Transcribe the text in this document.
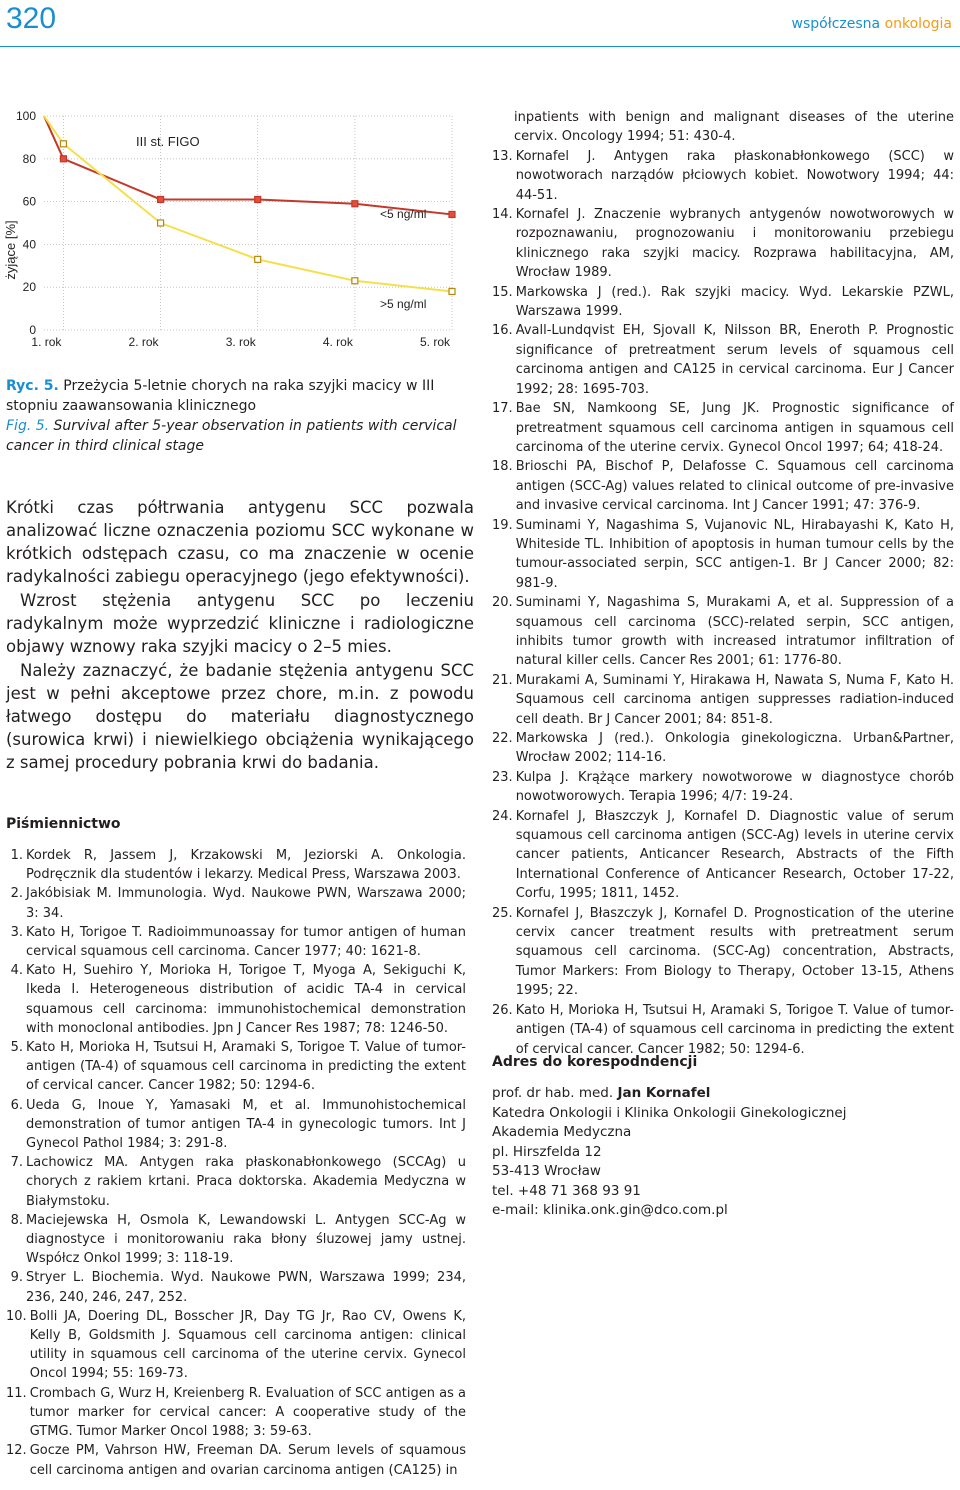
320	współczesna onkologia
100
80
60
40
20
0
1. rok	2. rok	3. rok	4. rok	5. rok
III st. FIGO
żyjące [%]
<5 ng/ml
>5 ng/ml
Ryc. 5. Przeżycia 5-letnie chorych na raka szyjki macicy w III stopniu zaawansowania klinicznego
Fig. 5. Survival after 5-year observation in patients with cervical cancer in third clinical stage

Krótki czas półtrwania antygenu SCC pozwala analizować liczne oznaczenia poziomu SCC wykonane w krótkich odstępach czasu, co ma znaczenie w ocenie radykalności zabiegu operacyjnego (jego efektywności).

Wzrost stężenia antygenu SCC po leczeniu radykalnym może wyprzedzić kliniczne i radiologiczne objawy wznowy raka szyjki macicy o 2–5 mies.

Należy zaznaczyć, że badanie stężenia antygenu SCC jest w pełni akceptowe przez chore, m.in. z powodu łatwego dostępu do materiału diagnostycznego (surowica krwi) i niewielkiego obciążenia wynikającego z samej procedury pobrania krwi do badania.

Piśmiennictwo
1. Kordek R, Jassem J, Krzakowski M, Jeziorski A. Onkologia. Podręcznik dla studentów i lekarzy. Medical Press, Warszawa 2003.
2. Jakóbisiak M. Immunologia. Wyd. Naukowe PWN, Warszawa 2000; 3: 34.
3. Kato H, Torigoe T. Radioimmunoassay for tumor antigen of human cervical squamous cell carcinoma. Cancer 1977; 40: 1621-8.
4. Kato H, Suehiro Y, Morioka H, Torigoe T, Myoga A, Sekiguchi K, Ikeda I. Heterogeneous distribution of acidic TA-4 in cervical squamous cell carcinoma: immunohistochemical demonstration with monoclonal antibodies. Jpn J Cancer Res 1987; 78: 1246-50.
5. Kato H, Morioka H, Tsutsui H, Aramaki S, Torigoe T. Value of tumor-antigen (TA-4) of squamous cell carcinoma in predicting the extent of cervical cancer. Cancer 1982; 50: 1294-6.
6. Ueda G, Inoue Y, Yamasaki M, et al. Immunohistochemical demonstration of tumor antigen TA-4 in gynecologic tumors. Int J Gynecol Pathol 1984; 3: 291-8.
7. Lachowicz MA. Antygen raka płaskonabłonkowego (SCCAg) u chorych z rakiem krtani. Praca doktorska. Akademia Medyczna w Białymstoku.
8. Maciejewska H, Osmola K, Lewandowski L. Antygen SCC-Ag w diagnostyce i monitorowaniu raka błony śluzowej jamy ustnej. Współcz Onkol 1999; 3: 118-19.
9. Stryer L. Biochemia. Wyd. Naukowe PWN, Warszawa 1999; 234, 236, 240, 246, 247, 252.
10. Bolli JA, Doering DL, Bosscher JR, Day TG Jr, Rao CV, Owens K, Kelly B, Goldsmith J. Squamous cell carcinoma antigen: clinical utility in squamous cell carcinoma of the uterine cervix. Gynecol Oncol 1994; 55: 169-73.
11. Crombach G, Wurz H, Kreienberg R. Evaluation of SCC antigen as a tumor marker for cervical cancer: A cooperative study of the GTMG. Tumor Marker Oncol 1988; 3: 59-63.
12. Gocze PM, Vahrson HW, Freeman DA. Serum levels of squamous cell carcinoma antigen and ovarian carcinoma antigen (CA125) in
inpatients with benign and malignant diseases of the uterine cervix. Oncology 1994; 51: 430-4.
13. Kornafel J. Antygen raka płaskonabłonkowego (SCC) w nowotworach narządów płciowych kobiet. Nowotwory 1994; 44: 44-51.
14. Kornafel J. Znaczenie wybranych antygenów nowotworowych w rozpoznawaniu, prognozowaniu i monitorowaniu przebiegu klinicznego raka szyjki macicy. Rozprawa habilitacyjna, AM, Wrocław 1989.
15. Markowska J (red.). Rak szyjki macicy. Wyd. Lekarskie PZWL, Warszawa 1999.
16. Avall-Lundqvist EH, Sjovall K, Nilsson BR, Eneroth P. Prognostic significance of pretreatment serum levels of squamous cell carcinoma antigen and CA125 in cervical carcinoma. Eur J Cancer 1992; 28: 1695-703.
17. Bae SN, Namkoong SE, Jung JK. Prognostic significance of pretreatment squamous cell carcinoma antigen in squamous cell carcinoma of the uterine cervix. Gynecol Oncol 1997; 64; 418-24.
18. Brioschi PA, Bischof P, Delafosse C. Squamous cell carcinoma antigen (SCC-Ag) values related to clinical outcome of pre-invasive and invasive cervical carcinoma. Int J Cancer 1991; 47: 376-9.
19. Suminami Y, Nagashima S, Vujanovic NL, Hirabayashi K, Kato H, Whiteside TL. Inhibition of apoptosis in human tumour cells by the tumour-associated serpin, SCC antigen-1. Br J Cancer 2000; 82: 981-9.
20. Suminami Y, Nagashima S, Murakami A, et al. Suppression of a squamous cell carcinoma (SCC)-related serpin, SCC antigen, inhibits tumor growth with increased intratumor infiltration of natural killer cells. Cancer Res 2001; 61: 1776-80.
21. Murakami A, Suminami Y, Hirakawa H, Nawata S, Numa F, Kato H. Squamous cell carcinoma antigen suppresses radiation-induced cell death. Br J Cancer 2001; 84: 851-8.
22. Markowska J (red.). Onkologia ginekologiczna. Urban&Partner, Wrocław 2002; 114-16.
23. Kulpa J. Krążące markery nowotworowe w diagnostyce chorób nowotworowych. Terapia 1996; 4/7: 19-24.
24. Kornafel J, Błaszczyk J, Kornafel D. Diagnostic value of serum squamous cell carcinoma antigen (SCC-Ag) levels in uterine cervix cancer patients, Anticancer Research, Abstracts of the Fifth International Conference of Anticancer Research, October 17-22, Corfu, 1995; 1811, 1452.
25. Kornafel J, Błaszczyk J, Kornafel D. Prognostication of the uterine cervix cancer treatment results with pretreatment serum squamous cell carcinoma. (SCC-Ag) concentration, Abstracts, Tumor Markers: From Biology to Therapy, October 13-15, Athens 1995; 22.
26. Kato H, Morioka H, Tsutsui H, Aramaki S, Torigoe T. Value of tumor-antigen (TA-4) of squamous cell carcinoma in predicting the extent of cervical cancer. Cancer 1982; 50: 1294-6.
Adres do korespodndencji
prof. dr hab. med. Jan Kornafel
Katedra Onkologii i Klinika Onkologii Ginekologicznej
Akademia Medyczna
pl. Hirszfelda 12
53-413 Wrocław
tel. +48 71 368 93 91
e-mail: klinika.onk.gin@dco.com.pl
